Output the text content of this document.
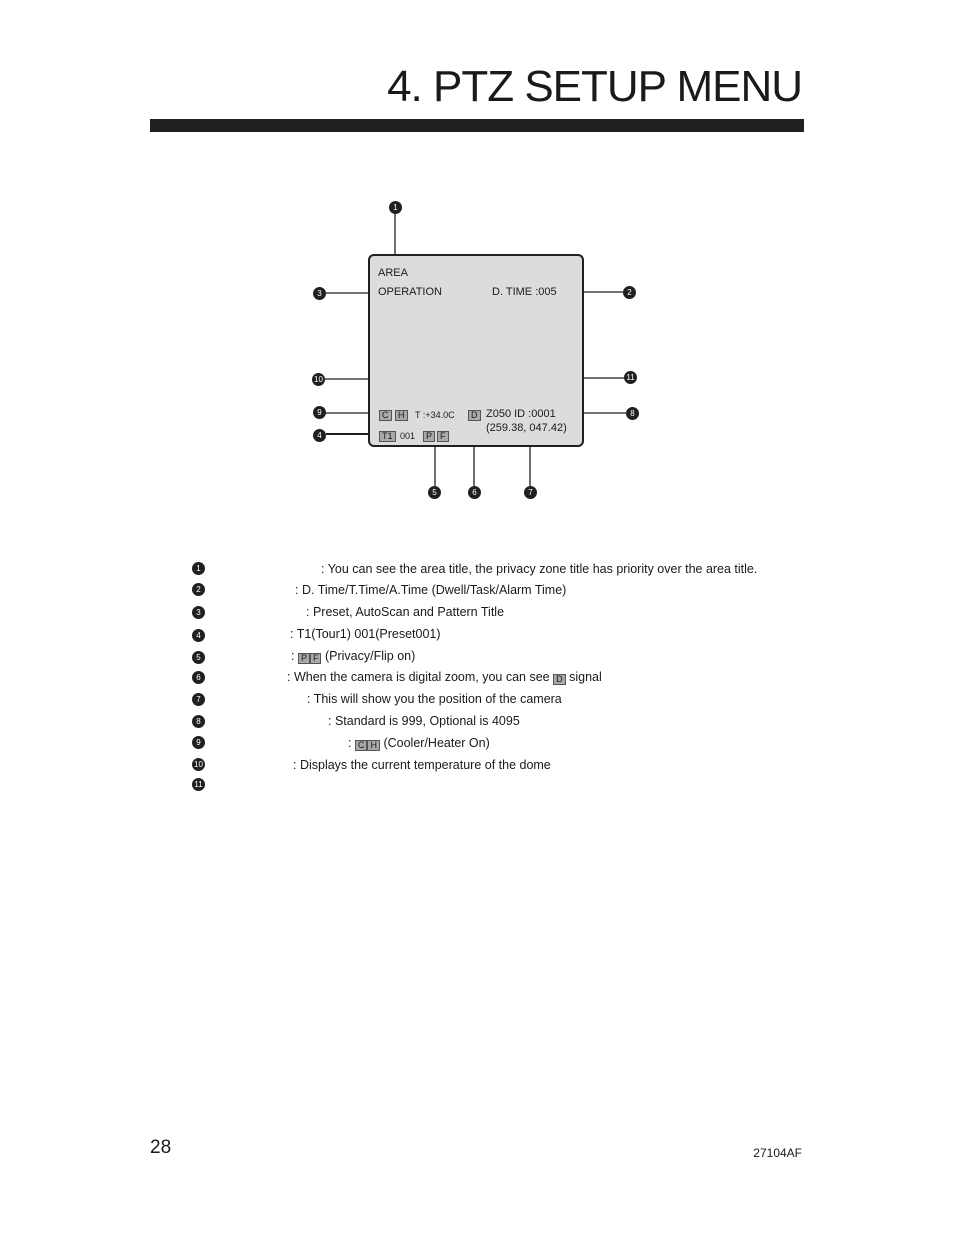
4. PTZ SETUP MENU
AREA
OPERATION	D. TIME :005
C	H	T :+34.0C	D Z050 ID :0001
(259.38, 047.42)
T1 001	P F
1
2
3
4
5	6	7
8
9
10	11
1	: You can see the area title, the privacy zone title has priority over the area title.
2	: D. Time/T.Time/A.Time (Dwell/Task/Alarm Time)
3	: Preset, AutoScan and Pattern Title
4	: T1(Tour1) 001(Preset001)
5	: P F (Privacy/Flip on)
6	: When the camera is digital zoom, you can see D signal
7	: This will show you the position of the camera
8	: Standard is 999, Optional is 4095
9	: C H (Cooler/Heater On)
10	: Displays the current temperature of the dome
11
28	27104AF
